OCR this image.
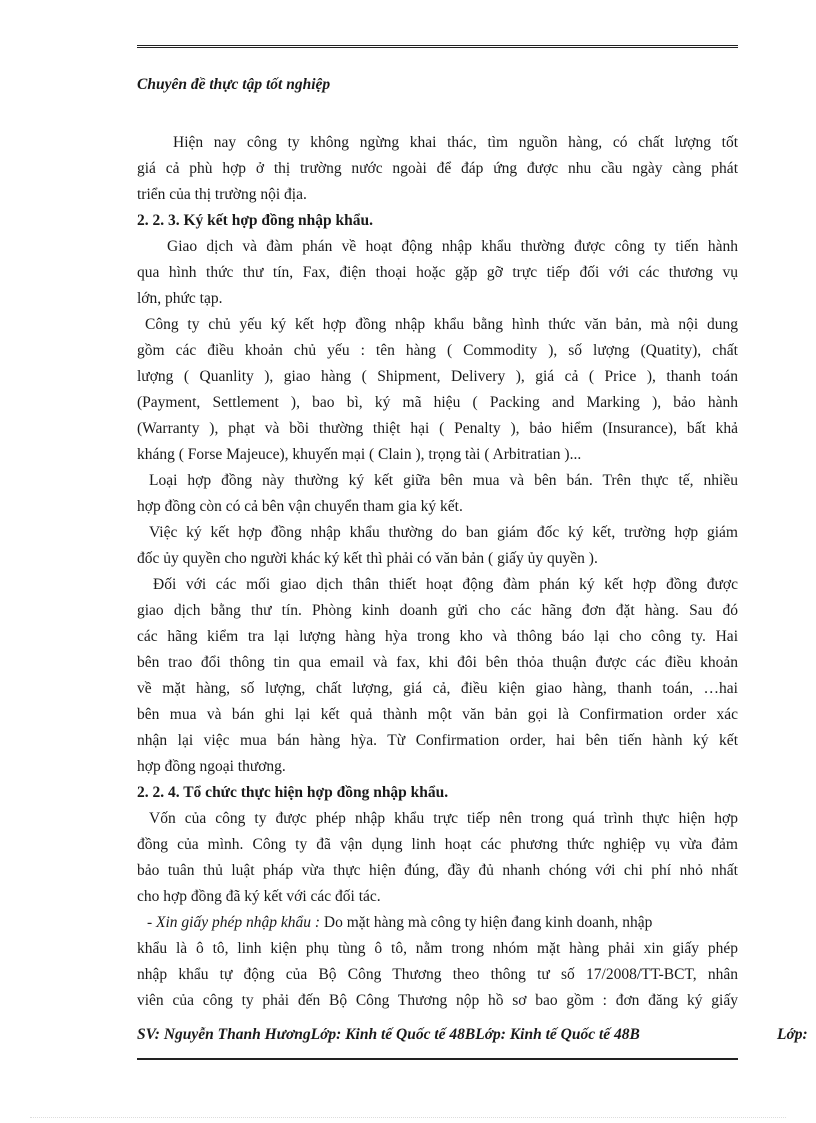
Chuyên đề thực tập tốt nghiệp
Hiện nay công ty không ngừng khai thác, tìm nguồn hàng, có chất lượng tốt
giá cả phù hợp ở thị trường nước ngoài để đáp ứng được nhu cầu ngày càng phát
triển của thị trường nội địa.
2. 2. 3. Ký kết hợp đồng nhập khẩu.
Giao dịch và đàm phán về hoạt động nhập khẩu thường được công ty tiến hành
qua hình thức thư tín, Fax, điện thoại hoặc gặp gỡ trực tiếp đối với các thương vụ
lớn, phức tạp.
Công ty chủ yếu ký kết hợp đồng nhập khẩu bằng hình thức văn bản, mà nội dung
gồm các điều khoản chủ yếu : tên hàng ( Commodity ), số lượng (Quatity), chất
lượng ( Quanlity ), giao hàng ( Shipment, Delivery ), giá cả ( Price ), thanh toán
(Payment, Settlement ), bao bì, ký mã hiệu ( Packing and Marking ), bảo hành
(Warranty ), phạt và bồi thường thiệt hại ( Penalty ), bảo hiểm (Insurance), bất khả
kháng ( Forse Majeuce), khuyến mại ( Clain ), trọng tài ( Arbitratian )...
Loại hợp đồng này thường ký kết giữa bên mua và bên bán. Trên thực tế, nhiều
hợp đồng còn có cả bên vận chuyển tham gia ký kết.
Việc ký kết hợp đồng nhập khẩu thường do ban giám đốc ký kết, trường hợp giám
đốc ủy quyền cho người khác ký kết thì phải có văn bản ( giấy ủy quyền ).
Đối với các mối giao dịch thân thiết hoạt động đàm phán ký kết hợp đồng được
giao dịch bằng thư tín. Phòng kinh doanh gửi cho các hãng đơn đặt hàng. Sau đó
các hãng kiểm tra lại lượng hàng hỳa trong kho và thông báo lại cho công ty. Hai
bên trao đổi thông tin qua email và fax, khi đôi bên thỏa thuận được các điều khoản
về mặt hàng, số lượng, chất lượng, giá cả, điều kiện giao hàng, thanh toán, …hai
bên mua và bán ghi lại kết quả thành một văn bản gọi là Confirmation order xác
nhận lại việc mua bán hàng hỳa. Từ Confirmation order, hai bên tiến hành ký kết
hợp đồng ngoại thương.
2. 2. 4. Tổ chức thực hiện hợp đồng nhập khẩu.
Vốn của công ty được phép nhập khẩu trực tiếp nên trong quá trình thực hiện hợp
đồng của mình. Công ty đã vận dụng linh hoạt các phương thức nghiệp vụ vừa đảm
bảo tuân thủ luật pháp vừa thực hiện đúng, đầy đủ nhanh chóng với chi phí nhỏ nhất
cho hợp đồng đã ký kết với các đối tác.
- Xin giấy phép nhập khẩu : Do mặt hàng mà công ty hiện đang kinh doanh, nhập
khẩu là ô tô, linh kiện phụ tùng ô tô, nằm trong nhóm mặt hàng phải xin giấy phép
nhập khẩu tự động của Bộ Công Thương theo thông tư số 17/2008/TT-BCT, nhân
viên của công ty phải đến Bộ Công Thương nộp hồ sơ bao gồm : đơn đăng ký giấy
SV: Nguyễn Thanh HươngLớp: Kinh tế Quốc tế 48BLớp: Kinh tế Quốc tế 48B	Lớp:
